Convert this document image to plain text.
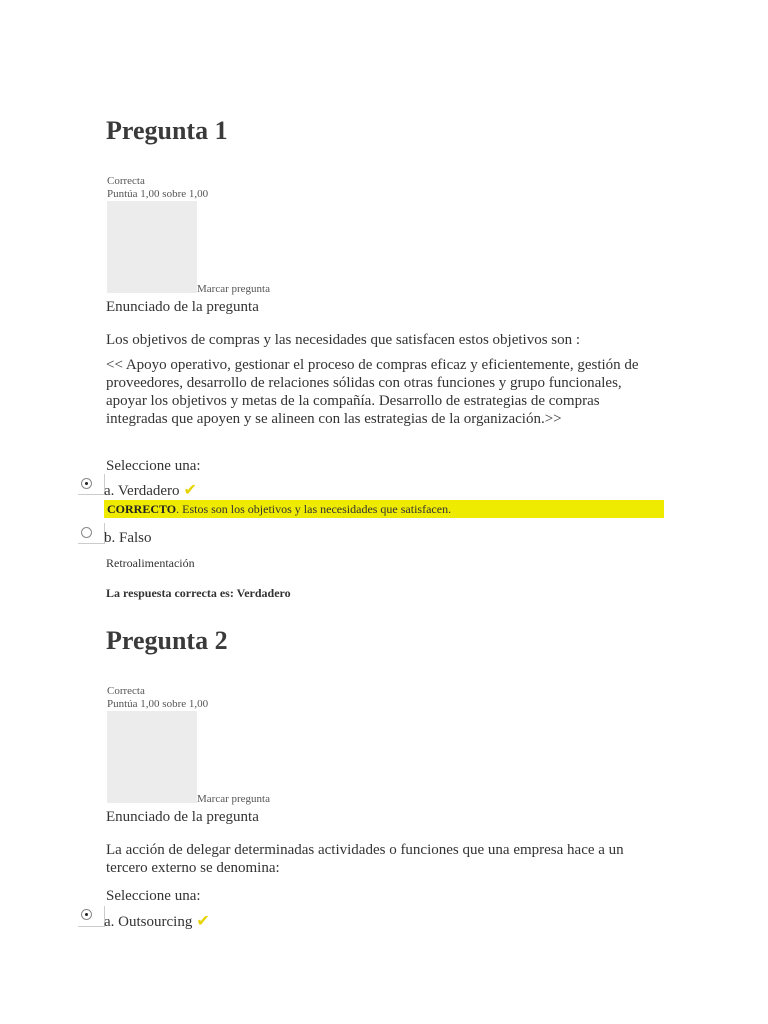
Pregunta 1
Correcta
Puntúa 1,00 sobre 1,00
Marcar pregunta
Enunciado de la pregunta

Los objetivos de compras y las necesidades que satisfacen estos objetivos son :

<< Apoyo operativo, gestionar el proceso de compras eficaz y eficientemente, gestión de proveedores, desarrollo de relaciones sólidas con otras funciones y grupo funcionales, apoyar los objetivos y metas de la compañía. Desarrollo de estrategias de compras integradas que apoyen y se alineen con las estrategias de la organización.>>

Seleccione una:
a. Verdadero ✔
CORRECTO. Estos son los objetivos y las necesidades que satisfacen.
b. Falso
Retroalimentación
La respuesta correcta es: Verdadero
Pregunta 2
Correcta
Puntúa 1,00 sobre 1,00
Marcar pregunta
Enunciado de la pregunta

La acción de delegar determinadas actividades o funciones que una empresa hace a un tercero externo se denomina:

Seleccione una:
a. Outsourcing ✔
